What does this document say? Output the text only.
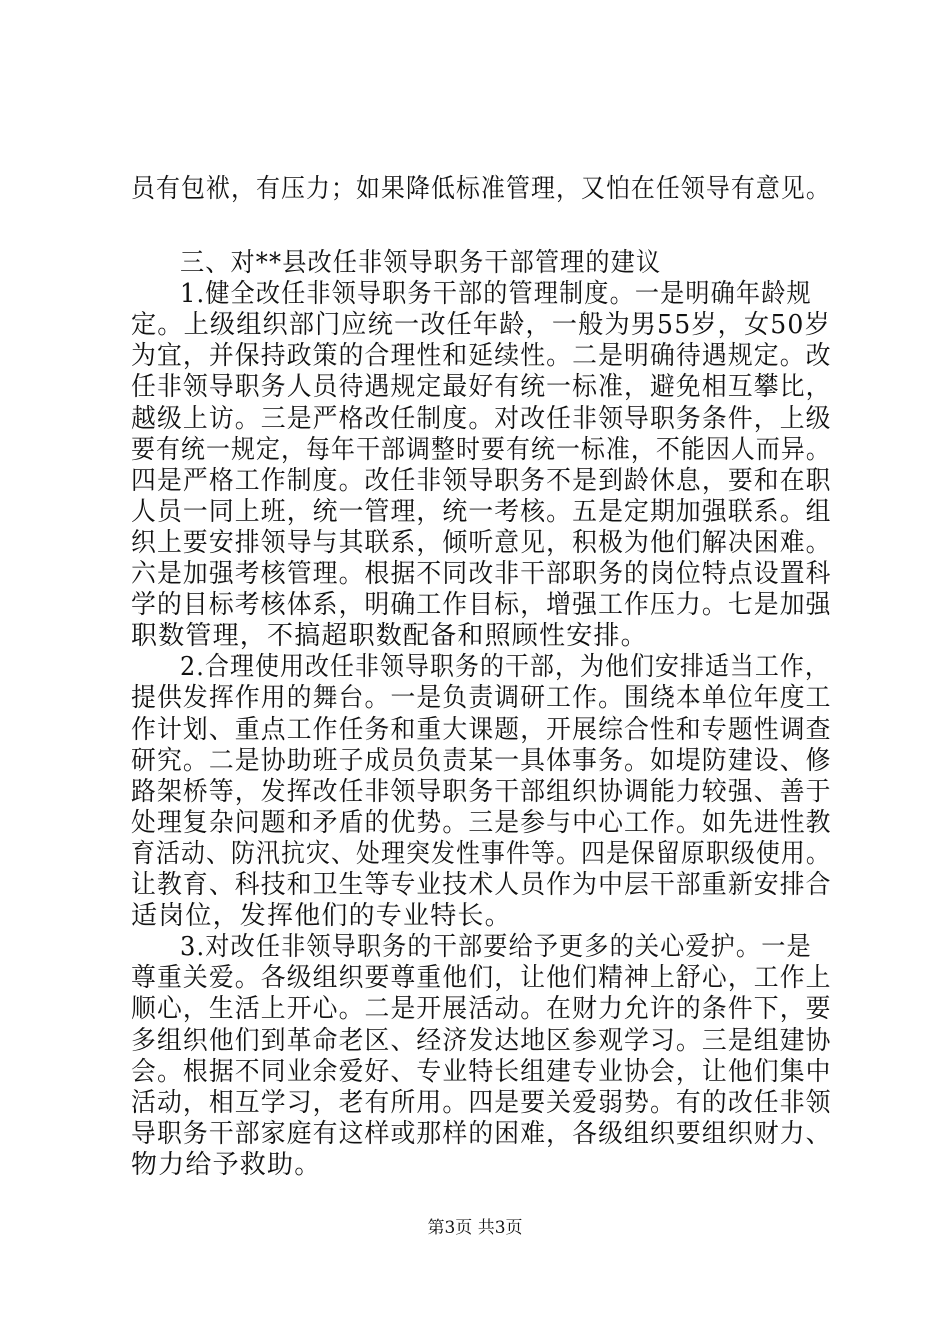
员有包袱，有压力；如果降低标准管理，又怕在任领导有意见。
三、对**县改任非领导职务干部管理的建议
1.健全改任非领导职务干部的管理制度。一是明确年龄规
定。上级组织部门应统一改任年龄，一般为男55岁，女50岁
为宜，并保持政策的合理性和延续性。二是明确待遇规定。改
任非领导职务人员待遇规定最好有统一标准，避免相互攀比，
越级上访。三是严格改任制度。对改任非领导职务条件，上级
要有统一规定，每年干部调整时要有统一标准，不能因人而异。
四是严格工作制度。改任非领导职务不是到龄休息，要和在职
人员一同上班，统一管理，统一考核。五是定期加强联系。组
织上要安排领导与其联系，倾听意见，积极为他们解决困难。
六是加强考核管理。根据不同改非干部职务的岗位特点设置科
学的目标考核体系，明确工作目标，增强工作压力。七是加强
职数管理，不搞超职数配备和照顾性安排。
2.合理使用改任非领导职务的干部，为他们安排适当工作，
提供发挥作用的舞台。一是负责调研工作。围绕本单位年度工
作计划、重点工作任务和重大课题，开展综合性和专题性调查
研究。二是协助班子成员负责某一具体事务。如堤防建设、修
路架桥等，发挥改任非领导职务干部组织协调能力较强、善于
处理复杂问题和矛盾的优势。三是参与中心工作。如先进性教
育活动、防汛抗灾、处理突发性事件等。四是保留原职级使用。
让教育、科技和卫生等专业技术人员作为中层干部重新安排合
适岗位，发挥他们的专业特长。
3.对改任非领导职务的干部要给予更多的关心爱护。一是
尊重关爱。各级组织要尊重他们，让他们精神上舒心，工作上
顺心，生活上开心。二是开展活动。在财力允许的条件下，要
多组织他们到革命老区、经济发达地区参观学习。三是组建协
会。根据不同业余爱好、专业特长组建专业协会，让他们集中
活动，相互学习，老有所用。四是要关爱弱势。有的改任非领
导职务干部家庭有这样或那样的困难，各级组织要组织财力、
物力给予救助。
第3页 共3页
